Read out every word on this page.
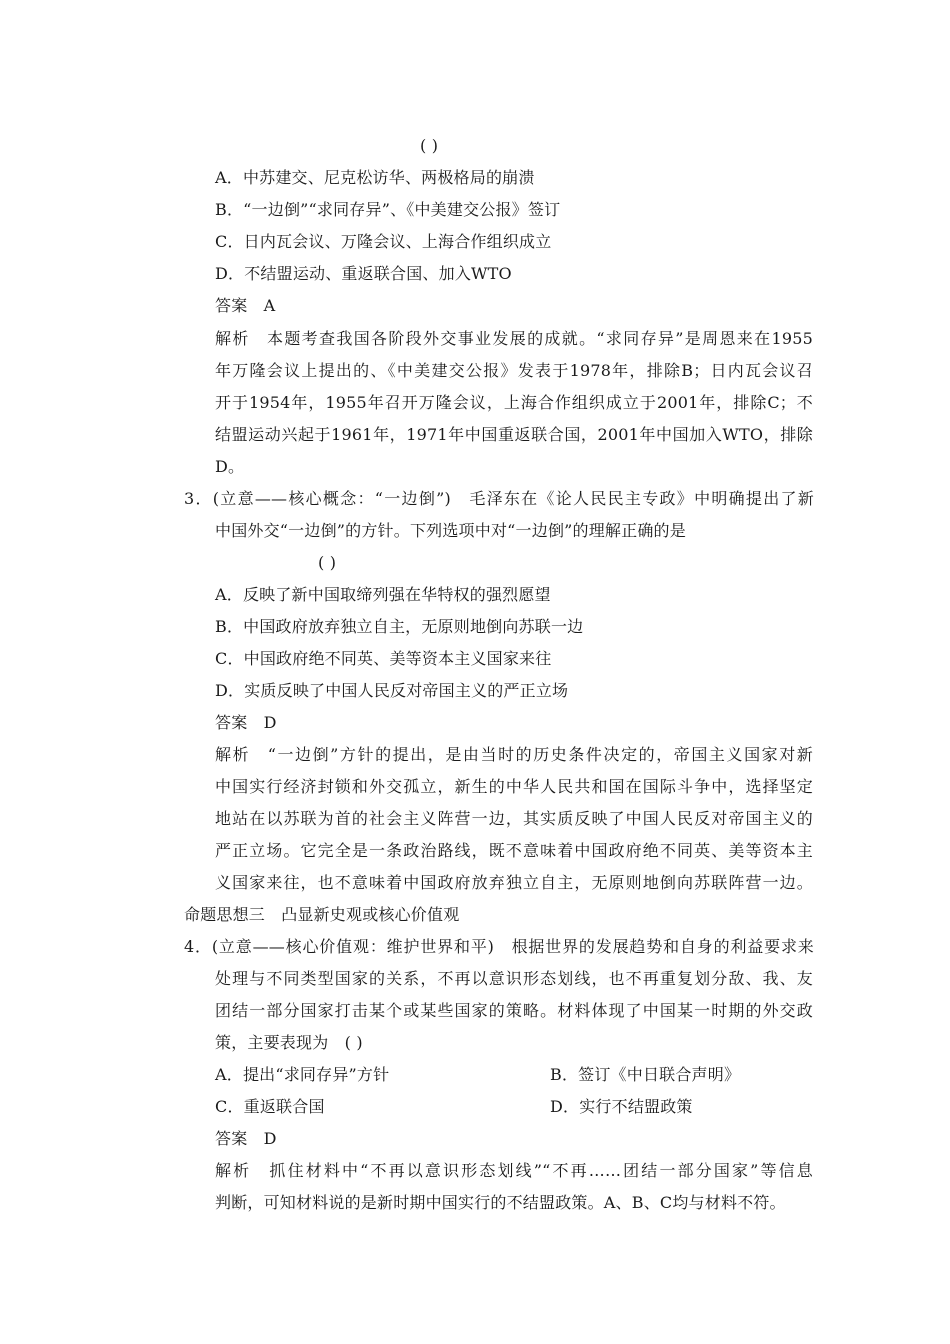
( )
A．中苏建交、尼克松访华、两极格局的崩溃
B．“一边倒”“求同存异”、《中美建交公报》签订
C．日内瓦会议、万隆会议、上海合作组织成立
D．不结盟运动、重返联合国、加入WTO
答案　A
解析　本题考查我国各阶段外交事业发展的成就。“求同存异”是周恩来在1955
年万隆会议上提出的、《中美建交公报》发表于1978年，排除B；日内瓦会议召
开于1954年，1955年召开万隆会议，上海合作组织成立于2001年，排除C；不
结盟运动兴起于1961年，1971年中国重返联合国，2001年中国加入WTO，排除
D。
3．(立意——核心概念：“一边倒”)　毛泽东在《论人民民主专政》中明确提出了新
中国外交“一边倒”的方针。下列选项中对“一边倒”的理解正确的是
( )
A．反映了新中国取缔列强在华特权的强烈愿望
B．中国政府放弃独立自主，无原则地倒向苏联一边
C．中国政府绝不同英、美等资本主义国家来往
D．实质反映了中国人民反对帝国主义的严正立场
答案　D
解析　“一边倒”方针的提出，是由当时的历史条件决定的，帝国主义国家对新
中国实行经济封锁和外交孤立，新生的中华人民共和国在国际斗争中，选择坚定
地站在以苏联为首的社会主义阵营一边，其实质反映了中国人民反对帝国主义的
严正立场。它完全是一条政治路线，既不意味着中国政府绝不同英、美等资本主
义国家来往，也不意味着中国政府放弃独立自主，无原则地倒向苏联阵营一边。
命题思想三　凸显新史观或核心价值观
4．(立意——核心价值观：维护世界和平)　根据世界的发展趋势和自身的利益要求来
处理与不同类型国家的关系，不再以意识形态划线，也不再重复划分敌、我、友
团结一部分国家打击某个或某些国家的策略。材料体现了中国某一时期的外交政
策，主要表现为　( )
A．提出“求同存异”方针	B．签订《中日联合声明》
C．重返联合国	D．实行不结盟政策
答案　D
解析　抓住材料中“不再以意识形态划线”“不再……团结一部分国家”等信息
判断，可知材料说的是新时期中国实行的不结盟政策。A、B、C均与材料不符。
